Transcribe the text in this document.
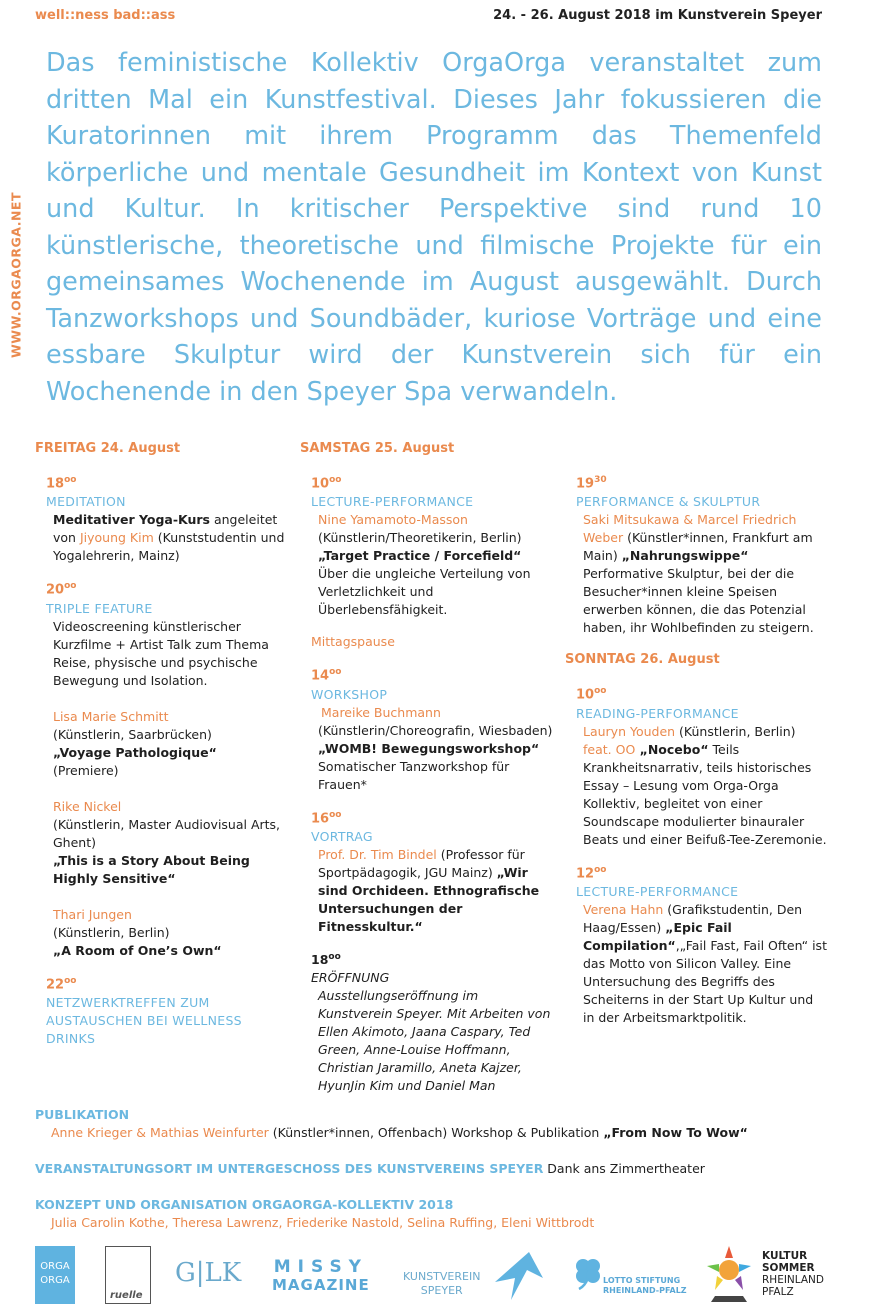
well::ness bad::ass	24. - 26. August 2018 im Kunstverein Speyer
WWW.ORGAORGA.NET
Das feministische Kollektiv OrgaOrga veranstaltet zum dritten Mal ein Kunstfestival. Dieses Jahr fokussieren die Kuratorinnen mit ihrem Programm das Themenfeld körperliche und mentale Gesundheit im Kontext von Kunst und Kultur. In kritischer Perspektive sind rund 10 künstlerische, theoretische und filmische Projekte für ein gemeinsames Wochenende im August ausgewählt. Durch Tanzworkshops und Soundbäder, kuriose Vorträge und eine essbare Skulptur wird der Kunstverein sich für ein Wochenende in den Speyer Spa verwandeln.
FREITAG 24. August
$18^{oo}$
MEDITATION
Meditativer Yoga-Kurs angeleitet von Jiyoung Kim (Kunststudentin und Yogalehrerin, Mainz)
$20^{oo}$
TRIPLE FEATURE
Videoscreening künstlerischer Kurzfilme + Artist Talk zum Thema Reise, physische und psychische Bewegung und Isolation.
Lisa Marie Schmitt
(Künstlerin, Saarbrücken)
„Voyage Pathologique“
(Premiere)
Rike Nickel
(Künstlerin, Master Audiovisual Arts, Ghent)
„This is a Story About Being Highly Sensitive“
Thari Jungen
(Künstlerin, Berlin)
„A Room of One’s Own“
$22^{oo}$
NETZWERKTREFFEN ZUM AUSTAUSCHEN BEI WELLNESS DRINKS
SAMSTAG 25. August
$10^{oo}$
LECTURE-PERFORMANCE
Nine Yamamoto-Masson
(Künstlerin/Theoretikerin, Berlin)
„Target Practice / Forcefield“
Über die ungleiche Verteilung von Verletzlichkeit und Überlebensfähigkeit.
Mittagspause
$14^{oo}$
WORKSHOP
Mareike Buchmann
(Künstlerin/Choreografin, Wiesbaden) „WOMB! Bewegungsworkshop“ Somatischer Tanzworkshop für Frauen*
$16^{oo}$
VORTRAG
Prof. Dr. Tim Bindel (Professor für Sportpädagogik, JGU Mainz) „Wir sind Orchideen. Ethnografische Untersuchungen der Fitnesskultur.“
$18^{oo}$
ERÖFFNUNG
Ausstellungseröffnung im Kunstverein Speyer. Mit Arbeiten von Ellen Akimoto, Jaana Caspary, Ted Green, Anne-Louise Hoffmann, Christian Jaramillo, Aneta Kajzer, HyunJin Kim und Daniel Man
$19^{30}$
PERFORMANCE & SKULPTUR
Saki Mitsukawa & Marcel Friedrich Weber (Künstler*innen, Frankfurt am Main) „Nahrungswippe“
Performative Skulptur, bei der die Besucher*innen kleine Speisen erwerben können, die das Potenzial haben, ihr Wohlbefinden zu steigern.
SONNTAG 26. August
$10^{oo}$
READING-PERFORMANCE
Lauryn Youden (Künstlerin, Berlin) feat. OO „Nocebo“ Teils Krankheitsnarrativ, teils historisches Essay – Lesung vom Orga-Orga Kollektiv, begleitet von einer Soundscape modulierter binauraler Beats und einer Beifuß-Tee-Zeremonie.
$12^{oo}$
LECTURE-PERFORMANCE
Verena Hahn (Grafikstudentin, Den Haag/Essen) „Epic Fail Compilation“,„Fail Fast, Fail Often“ ist das Motto von Silicon Valley. Eine Untersuchung des Begriffs des Scheiterns in der Start Up Kultur und in der Arbeitsmarktpolitik.
PUBLIKATION
Anne Krieger & Mathias Weinfurter (Künstler*innen, Offenbach) Workshop & Publikation „From Now To Wow“
VERANSTALTUNGSORT IM UNTERGESCHOSS DES KUNSTVEREINS SPEYER Dank ans Zimmertheater
KONZEPT UND ORGANISATION ORGAORGA-KOLLEKTIV 2018
Julia Carolin Kothe, Theresa Lawrenz, Friederike Nastold, Selina Ruffing, Eleni Wittbrodt
ORGA
ORGA
ruelle
G|LK MISSY
MAGAZINE	KUNSTVEREIN
SPEYER
LOTTO STIFTUNG
RHEINLAND-PFALZ
KULTUR
SOMMER
RHEINLAND
PFALZ
